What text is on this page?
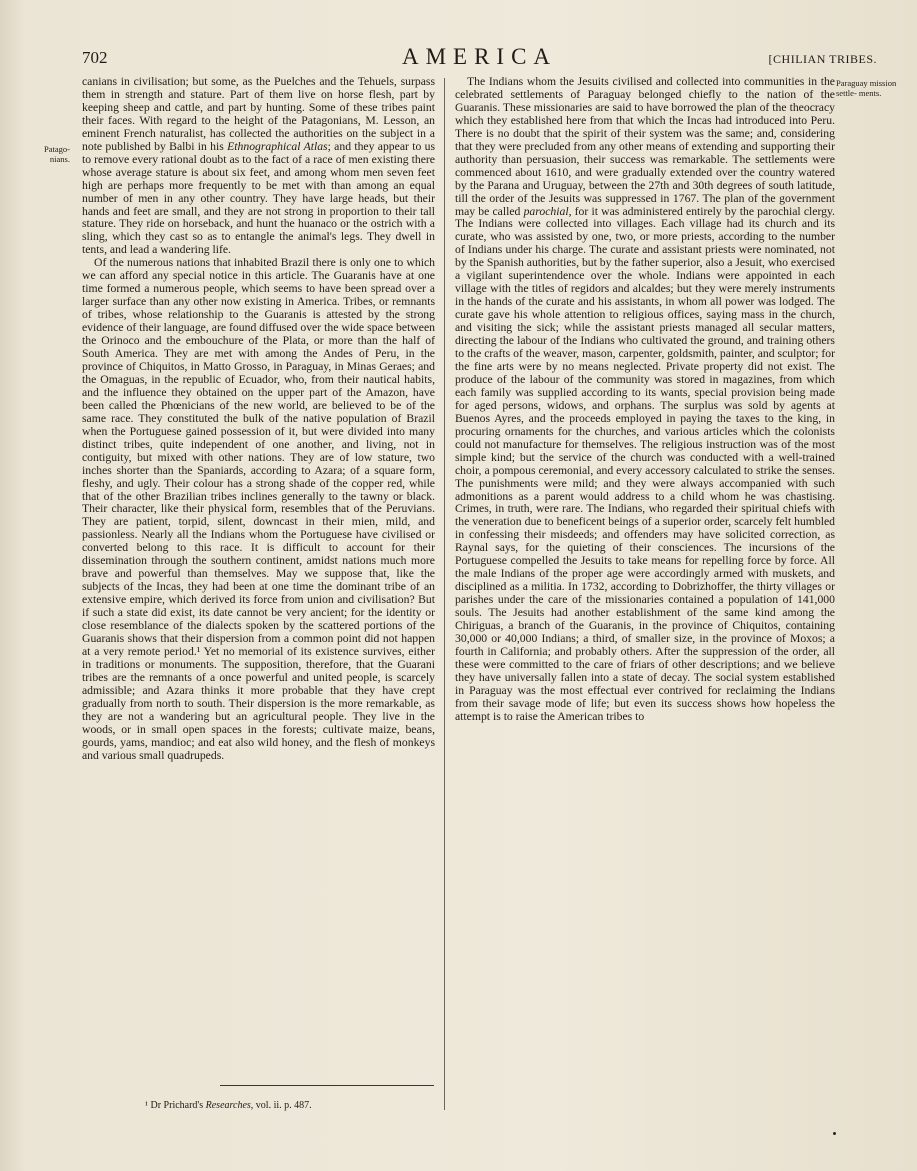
702	AMERICA	[CHILIAN TRIBES.
Patago- nians.
Paraguay mission settle- ments.

canians in civilisation; but some, as the Puelches and the Tehuels, surpass them in strength and stature. Part of them live on horse flesh, part by keeping sheep and cattle, and part by hunting. Some of these tribes paint their faces. With regard to the height of the Patagonians, M. Lesson, an eminent French naturalist, has collected the authorities on the subject in a note published by Balbi in his Ethnographical Atlas; and they appear to us to remove every rational doubt as to the fact of a race of men existing there whose average stature is about six feet, and among whom men seven feet high are perhaps more frequently to be met with than among an equal number of men in any other country. They have large heads, but their hands and feet are small, and they are not strong in proportion to their tall stature. They ride on horseback, and hunt the huanaco or the ostrich with a sling, which they cast so as to entangle the animal's legs. They dwell in tents, and lead a wandering life.

Of the numerous nations that inhabited Brazil there is only one to which we can afford any special notice in this article. The Guaranis have at one time formed a numerous people, which seems to have been spread over a larger surface than any other now existing in America. Tribes, or remnants of tribes, whose relationship to the Guaranis is attested by the strong evidence of their language, are found diffused over the wide space between the Orinoco and the embouchure of the Plata, or more than the half of South America. They are met with among the Andes of Peru, in the province of Chiquitos, in Matto Grosso, in Paraguay, in Minas Geraes; and the Omaguas, in the republic of Ecuador, who, from their nautical habits, and the influence they obtained on the upper part of the Amazon, have been called the Phœnicians of the new world, are believed to be of the same race. They constituted the bulk of the native population of Brazil when the Portuguese gained possession of it, but were divided into many distinct tribes, quite independent of one another, and living, not in contiguity, but mixed with other nations. They are of low stature, two inches shorter than the Spaniards, according to Azara; of a square form, fleshy, and ugly. Their colour has a strong shade of the copper red, while that of the other Brazilian tribes inclines generally to the tawny or black. Their character, like their physical form, resembles that of the Peruvians. They are patient, torpid, silent, downcast in their mien, mild, and passionless. Nearly all the Indians whom the Portuguese have civilised or converted belong to this race. It is difficult to account for their dissemination through the southern continent, amidst nations much more brave and powerful than themselves. May we suppose that, like the subjects of the Incas, they had been at one time the dominant tribe of an extensive empire, which derived its force from union and civilisation? But if such a state did exist, its date cannot be very ancient; for the identity or close resemblance of the dialects spoken by the scattered portions of the Guaranis shows that their dispersion from a common point did not happen at a very remote period.¹ Yet no memorial of its existence survives, either in traditions or monuments. The supposition, therefore, that the Guarani tribes are the remnants of a once powerful and united people, is scarcely admissible; and Azara thinks it more probable that they have crept gradually from north to south. Their dispersion is the more remarkable, as they are not a wandering but an agricultural people. They live in the woods, or in small open spaces in the forests; cultivate maize, beans, gourds, yams, mandioc; and eat also wild honey, and the flesh of monkeys and various small quadrupeds.

The Indians whom the Jesuits civilised and collected into communities in the celebrated settlements of Paraguay belonged chiefly to the nation of the Guaranis. These missionaries are said to have borrowed the plan of the theocracy which they established here from that which the Incas had introduced into Peru. There is no doubt that the spirit of their system was the same; and, considering that they were precluded from any other means of extending and supporting their authority than persuasion, their success was remarkable. The settlements were commenced about 1610, and were gradually extended over the country watered by the Parana and Uruguay, between the 27th and 30th degrees of south latitude, till the order of the Jesuits was suppressed in 1767. The plan of the government may be called parochial, for it was administered entirely by the parochial clergy. The Indians were collected into villages. Each village had its church and its curate, who was assisted by one, two, or more priests, according to the number of Indians under his charge. The curate and assistant priests were nominated, not by the Spanish authorities, but by the father superior, also a Jesuit, who exercised a vigilant superintendence over the whole. Indians were appointed in each village with the titles of regidors and alcaldes; but they were merely instruments in the hands of the curate and his assistants, in whom all power was lodged. The curate gave his whole attention to religious offices, saying mass in the church, and visiting the sick; while the assistant priests managed all secular matters, directing the labour of the Indians who cultivated the ground, and training others to the crafts of the weaver, mason, carpenter, goldsmith, painter, and sculptor; for the fine arts were by no means neglected. Private property did not exist. The produce of the labour of the community was stored in magazines, from which each family was supplied according to its wants, special provision being made for aged persons, widows, and orphans. The surplus was sold by agents at Buenos Ayres, and the proceeds employed in paying the taxes to the king, in procuring ornaments for the churches, and various articles which the colonists could not manufacture for themselves. The religious instruction was of the most simple kind; but the service of the church was conducted with a well-trained choir, a pompous ceremonial, and every accessory calculated to strike the senses. The punishments were mild; and they were always accompanied with such admonitions as a parent would address to a child whom he was chastising. Crimes, in truth, were rare. The Indians, who regarded their spiritual chiefs with the veneration due to beneficent beings of a superior order, scarcely felt humbled in confessing their misdeeds; and offenders may have solicited correction, as Raynal says, for the quieting of their consciences. The incursions of the Portuguese compelled the Jesuits to take means for repelling force by force. All the male Indians of the proper age were accordingly armed with muskets, and disciplined as a militia. In 1732, according to Dobrizhoffer, the thirty villages or parishes under the care of the missionaries contained a population of 141,000 souls. The Jesuits had another establishment of the same kind among the Chiriguas, a branch of the Guaranis, in the province of Chiquitos, containing 30,000 or 40,000 Indians; a third, of smaller size, in the province of Moxos; a fourth in California; and probably others. After the suppression of the order, all these were committed to the care of friars of other descriptions; and we believe they have universally fallen into a state of decay. The social system established in Paraguay was the most effectual ever contrived for reclaiming the Indians from their savage mode of life; but even its success shows how hopeless the attempt is to raise the American tribes to

¹ Dr Prichard's Researches, vol. ii. p. 487.
